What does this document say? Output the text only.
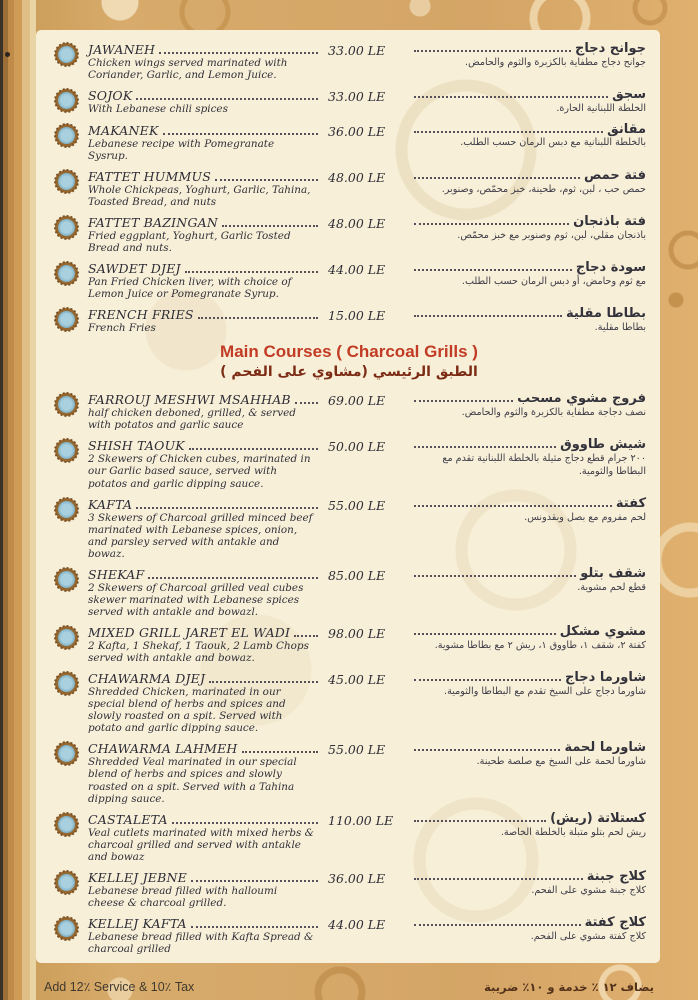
JAWANEH
Chicken wings served marinated with Coriander, Garlic, and Lemon Juice.
33.00 LE	جوانح دجاج
جوانح دجاج مطفاية بالكزبرة والثوم والحامض.
SOJOK
With Lebanese chili spices
33.00 LE	سجق
الخلطة اللبنانية الحارة.
MAKANEK
Lebanese recipe with Pomegranate Sysrup.
36.00 LE	مقانق
بالخلطة اللبنانية مع دبس الرمان حسب الطلب.
FATTET HUMMUS
Whole Chickpeas, Yoghurt, Garlic, Tahina, Toasted Bread, and nuts
48.00 LE	فتة حمص
حمص حب ، لبن، ثوم، طحينة، خبز محمّص، وصنوبر.
FATTET BAZINGAN
Fried eggplant, Yoghurt, Garlic Tosted Bread and nuts.
48.00 LE	فتة باذنجان
باذنجان مقلي، لبن، ثوم وصنوبر مع خبز محمّص.
SAWDET DJEJ
Pan Fried Chicken liver, with choice of Lemon Juice or Pomegranate Syrup.
44.00 LE	سودة دجاج
مع ثوم وحامض، أو دبس الرمان حسب الطلب.
FRENCH FRIES
French Fries
15.00 LE	بطاطا مقلية
بطاطا مقلية.
Main Courses ( Charcoal Grills )
الطبق الرئيسي (مشاوي على الفحم )
FARROUJ MESHWI MSAHHAB
half chicken deboned, grilled, & served with potatos and garlic sauce
69.00 LE	فروج مشوي مسحب
نصف دجاجة مطفاية بالكزبرة والثوم والحامض.
SHISH TAOUK
2 Skewers of Chicken cubes, marinated in our Garlic based sauce, served with potatos and garlic dipping sauce.
50.00 LE	شيش طاووق
٢٠٠ جرام قطع دجاج مثيلة بالخلطة اللبنانية تقدم مع البطاطا والثومية.
KAFTA
3 Skewers of Charcoal grilled minced beef marinated with Lebanese spices, onion, and parsley served with antakle and bowaz.
55.00 LE	كفتة
لحم مفروم مع بصل وبقدونس.
SHEKAF
2 Skewers of Charcoal grilled veal cubes skewer marinated with Lebanese spices served with antakle and bowazl.
85.00 LE	شقف بتلو
قطع لحم مشوية.
MIXED GRILL JARET EL WADI
2 Kafta, 1 Shekaf, 1 Taouk, 2 Lamb Chops served with antakle and bowaz.
98.00 LE	مشوي مشكل
كفتة ٢، شقف ١، طاووق ١، ريش ٢ مع بطاطا مشوية.
CHAWARMA DJEJ
Shredded Chicken, marinated in our special blend of herbs and spices and slowly roasted on a spit. Served with potato and garlic dipping sauce.
45.00 LE	شاورما دجاج
شاورما دجاج على السيخ تقدم مع البطاطا والثومية.
CHAWARMA LAHMEH
Shredded Veal marinated in our special blend of herbs and spices and slowly roasted on a spit. Served with a Tahina dipping sauce.
55.00 LE	شاورما لحمة
شاورما لحمة على السيخ مع صلصة طحينة.
CASTALETA
Veal cutlets marinated with mixed herbs & charcoal grilled and served with antakle and bowaz
110.00 LE	كستلاتة (ريش)
ريش لحم بتلو متبلة بالخلطة الخاصة.
KELLEJ JEBNE
Lebanese bread filled with halloumi cheese & charcoal grilled.
36.00 LE	كلاج جبنة
كلاج جبنة مشوي على الفحم.
KELLEJ KAFTA
Lebanese bread filled with Kafta Spread & charcoal grilled
44.00 LE	كلاج كفتة
كلاج كفتة مشوي على الفحم.
Add 12٪ Service & 10٪ Tax	يضاف ١٢ ٪ خدمة و ١٠٪ ضريبة
